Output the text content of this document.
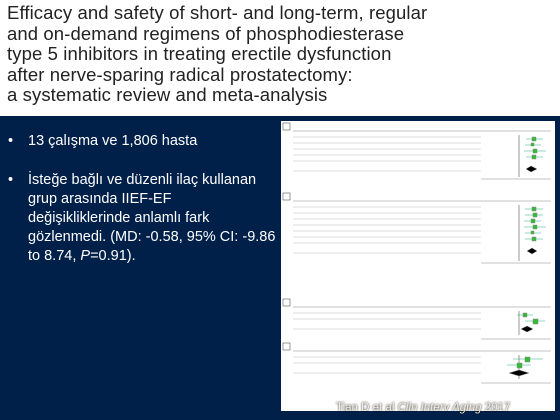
Efficacy and safety of short- and long-term, regular
and on-demand regimens of phosphodiesterase
type 5 inhibitors in treating erectile dysfunction
after nerve-sparing radical prostatectomy:
a systematic review and meta-analysis
• 13 çalışma ve 1,806 hasta
• İsteğe bağlı ve düzenli ilaç kullanan grup arasında IIEF-EF değişikliklerinde anlamlı fark gözlenmedi. (MD: -0.58, 95% CI: -9.86 to 8.74, P=0.91).
Tian D et al Clin Interv Aging 2017
